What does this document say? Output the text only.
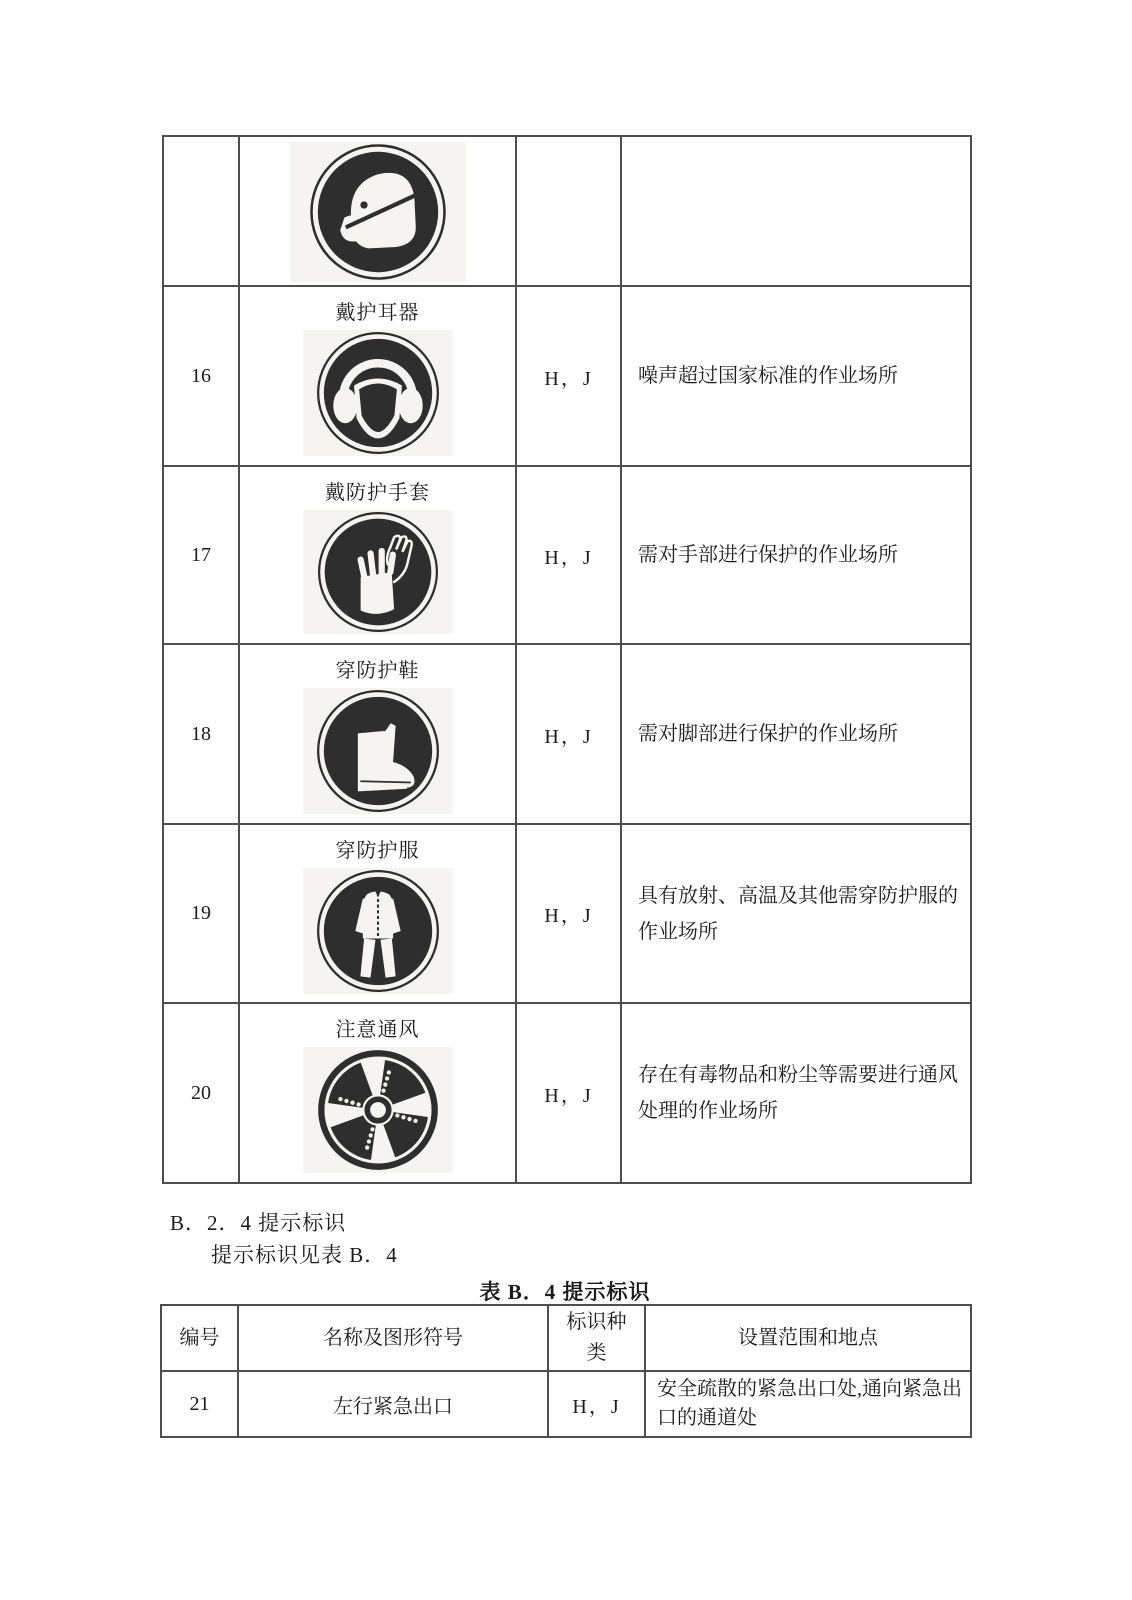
16	戴护耳器	H，J	噪声超过国家标准的作业场所
17	戴防护手套	H，J	需对手部进行保护的作业场所
18	穿防护鞋	H，J	需对脚部进行保护的作业场所
19	穿防护服	H，J	具有放射、高温及其他需穿防护服的作业场所
20	注意通风	H，J	存在有毒物品和粉尘等需要进行通风处理的作业场所
B．2．4 提示标识
提示标识见表 B．4
表 B．4 提示标识
编号	名称及图形符号	标识种类	设置范围和地点
21	左行紧急出口	H，J	安全疏散的紧急出口处,通向紧急出口的通道处
